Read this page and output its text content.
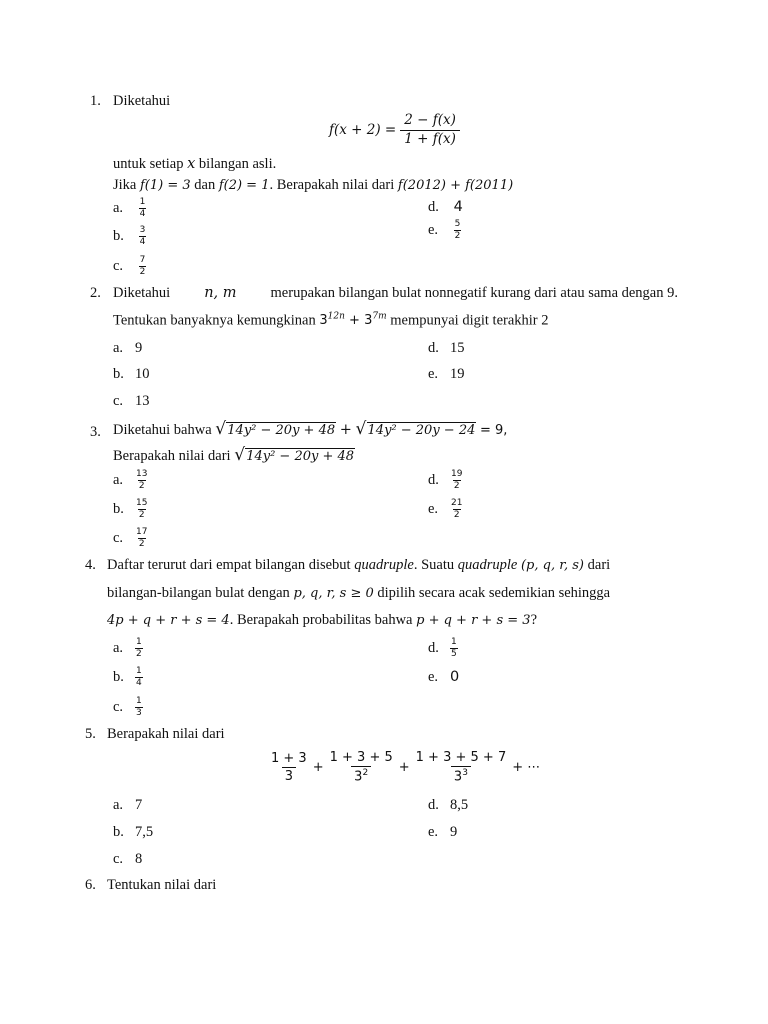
1. Diketahui
$f(x + 2) = \frac{2 - f(x)}{1 + f(x)}$
untuk setiap x bilangan asli.
Jika f(1) = 3 dan f(2) = 1. Berapakah nilai dari f(2012) + f(2011)
a. $\frac{1}{4}$
b. $\frac{3}{4}$
c. $\frac{7}{2}$
d. 4
e. $\frac{5}{2}$
2. Diketahui n, m merupakan bilangan bulat nonnegatif kurang dari atau sama dengan 9.
Tentukan banyaknya kemungkinan $3^{12n} + 3^{7m}$ mempunyai digit terakhir 2
a. 9
b. 10
c. 13
d. 15
e. 19
3. Diketahui bahwa √ 14y² − 20y + 48 + √ 14y² − 20y − 24 = 9,
Berapakah nilai dari √ 14y² − 20y + 48
a. $\frac{13}{2}$
b. $\frac{15}{2}$
c. $\frac{17}{2}$
d. $\frac{19}{2}$
e. $\frac{21}{2}$
4. Daftar terurut dari empat bilangan disebut quadruple. Suatu quadruple (p, q, r, s) dari
bilangan-bilangan bulat dengan p, q, r, s ≥ 0 dipilih secara acak sedemikian sehingga
4p + q + r + s = 4. Berapakah probabilitas bahwa p + q + r + s = 3?
a. $\frac{1}{2}$
b. $\frac{1}{4}$
c. $\frac{1}{3}$
d. $\frac{1}{5}$
e. 0
5. Berapakah nilai dari
$\frac{1 + 3}{3} + \frac{1 + 3 + 5}{3^2} + \frac{1 + 3 + 5 + 7}{3^3}$ + ⋯
a. 7
b. 7,5
c. 8
d. 8,5
e. 9
6. Tentukan nilai dari
